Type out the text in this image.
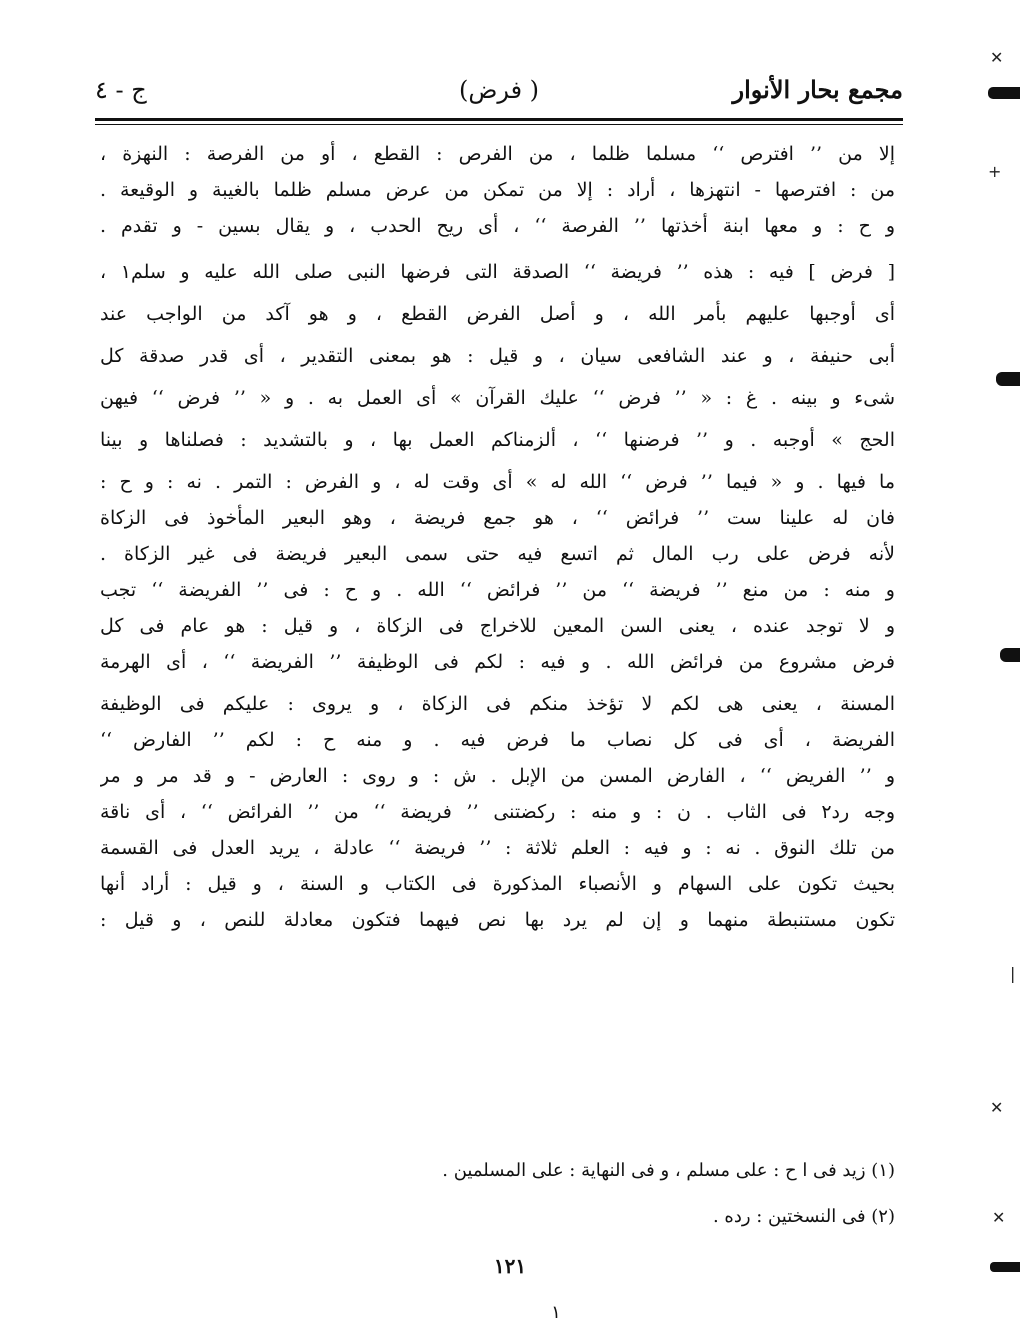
مجمع بحار الأنوار
( فرض)
ج - ٤
إلا من ’’ افترص ‘‘ مسلما ظلما ، من الفرص : القطع ، أو من الفرصة : النهزة ،
من : افترصها - انتهزها ، أراد : إلا من تمكن من عرض مسلم ظلما بالغيبة و الوقيعة .
و ح : و معها ابنة أخذتها ’’ الفرصة ‘‘ ، أى ريح الحدب ، و يقال بسين - و تقدم .
[ فرض ] فيه : هذه ’’ فريضة ‘‘ الصدقة التى فرضها النبى صلى الله عليه و سلم١ ،
أى أوجبها عليهم بأمر الله ، و أصل الفرض القطع ، و هو آكد من الواجب عند
أبى حنيفة ، و عند الشافعى سيان ، و قيل : هو بمعنى التقدير ، أى قدر صدقة كل
شىء و بينه . غ : « ’’ فرض ‘‘ عليك القرآن » أى العمل به . و « ’’ فرض ‘‘ فيهن
الحج » أوجبه . و ’’ فرضنها ‘‘ ، ألزمناكم العمل بها ، و بالتشديد : فصلناها و بينا
ما فيها . و « فيما ’’ فرض ‘‘ الله له » أى وقت له ، و الفرض : التمر . نه : و ح :
فان له علينا ست ’’ فرائض ‘‘ ، هو جمع فريضة ، وهو البعير المأخوذ فى الزكاة
لأنه فرض على رب المال ثم اتسع فيه حتى سمى البعير فريضة فى غير الزكاة .
و منه : من منع ’’ فريضة ‘‘ من ’’ فرائض ‘‘ الله . و ح : فى ’’ الفريضة ‘‘ تجب
و لا توجد عنده ، يعنى السن المعين للاخراج فى الزكاة ، و قيل : هو عام فى كل
فرض مشروع من فرائض الله . و فيه : لكم فى الوظيفة ’’ الفريضة ‘‘ ، أى الهرمة
المسنة ، يعنى هى لكم لا تؤخذ منكم فى الزكاة ، و يروى : عليكم فى الوظيفة
الفريضة ، أى فى كل نصاب ما فرض فيه . و منه ح : لكم ’’ الفارض ‘‘
و ’’ الفريض ‘‘ ، الفارض المسن من الإبل . ش : و روى : العارض - و قد مر و مر
وجه رد٢ فى الثاب . ن : و منه : ركضتنى ’’ فريضة ‘‘ من ’’ الفرائض ‘‘ ، أى ناقة
من تلك النوق . نه : و فيه : العلم ثلاثة : ’’ فريضة ‘‘ عادلة ، يريد العدل فى القسمة
بحيث تكون على السهام و الأنصباء المذكورة فى الكتاب و السنة ، و قيل : أراد أنها
تكون مستنبطة منهما و إن لم يرد بها نص فيهما فتكون معادلة للنص ، و قيل :
(١) زيد فى ا ح : على مسلم ، و فى النهاية : على المسلمين .
(٢) فى النسختين : رده .
١٢١
١
✕
+
✕
✕
|
